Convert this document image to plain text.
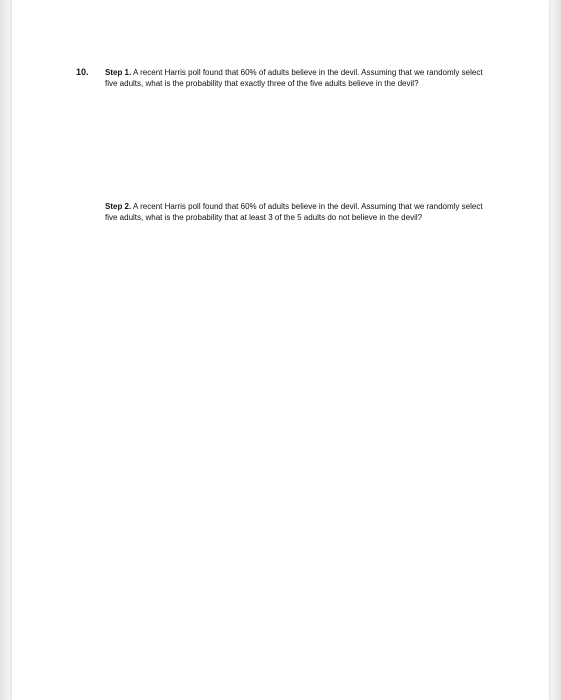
10. Step 1. A recent Harris poll found that 60% of adults believe in the devil. Assuming that we randomly select five adults, what is the probability that exactly three of the five adults believe in the devil?
Step 2. A recent Harris poll found that 60% of adults believe in the devil. Assuming that we randomly select five adults, what is the probability that at least 3 of the 5 adults do not believe in the devil?
